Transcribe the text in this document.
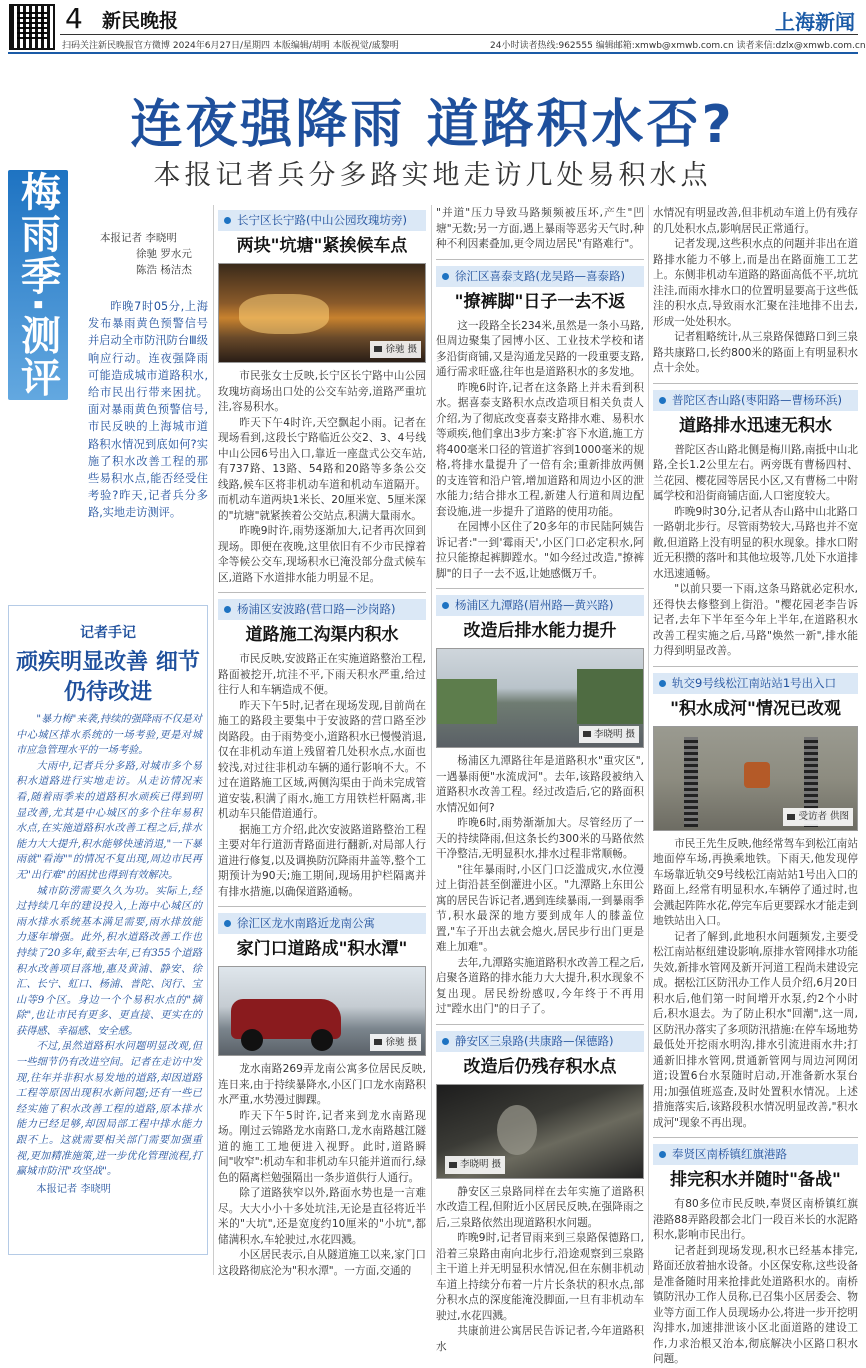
4 新民晚报	上海新闻
扫码关注新民晚报官方微博 2024年6月27日/星期四 本版编辑/胡明 本版视觉/戚黎明	24小时读者热线:962555 编辑邮箱:xmwb@xmwb.com.cn 读者来信:dzlx@xmwb.com.cn
连夜强降雨 道路积水否?
本报记者兵分多路实地走访几处易积水点
梅雨季·测评	本报记者 李晓明
徐驰 罗水元
陈浩 杨洁杰
昨晚7时05分,上海发布暴雨黄色预警信号并启动全市防汛防台Ⅲ级响应行动。连夜强降雨可能造成城市道路积水,给市民出行带来困扰。面对暴雨黄色预警信号,市民反映的上海城市道路积水情况到底如何?实施了积水改善工程的那些易积水点,能否经受住考验?昨天,记者兵分多路,实地走访测评。
记者手记
顽疾明显改善 细节仍待改进

"暴力梅"来袭,持续的强降雨不仅是对中心城区排水系统的一场考验,更是对城市应急管理水平的一场考验。

大雨中,记者兵分多路,对城市多个易积水道路进行实地走访。从走访情况来看,随着雨季来的道路积水顽疾已得到明显改善,尤其是中心城区的多个往年易积水点,在实施道路积水改善工程之后,排水能力大大提升,积水能够快速消退,"一下暴雨就"看海""的情况不复出现,周边市民再无"出行难"的困扰也得到有效解决。

城市防涝需要久久为功。实际上,经过持续几年的建设投入,上海中心城区的雨水排水系统基本满足需要,雨水排放能力逐年增强。此外,积水道路改善工作也持续了20多年,截至去年,已有355个道路积水改善项目落地,惠及黄浦、静安、徐汇、长宁、虹口、杨浦、普陀、闵行、宝山等9个区。身边一个个易积水点的"摘除",也让市民有更多、更直接、更实在的获得感、幸福感、安全感。

不过,虽然道路积水问题明显改观,但一些细节仍有改进空间。记者在走访中发现,往年并非积水易发地的道路,却因道路工程等原因出现积水新问题;还有一些已经实施了积水改善工程的道路,原本排水能力已经足够,却因局部工程中排水能力跟不上。这就需要相关部门需要加强重视,更加精准施策,进一步优化管理流程,打赢城市防汛"攻坚战"。

本报记者 李晓明
长宁区长宁路(中山公园玫瑰坊旁)
两块"坑塘"紧挨候车点
徐驰 摄

市民张女士反映,长宁区长宁路中山公园玫瑰坊商场出口处的公交车站旁,道路严重坑洼,容易积水。

昨天下午4时许,天空飘起小雨。记者在现场看到,这段长宁路临近公交2、3、4号线中山公园6号出入口,靠近一座盘式公交车站,有737路、13路、54路和20路等多条公交线路,候车区将非机动车道和机动车道隔开。而机动车道两块1米长、20厘米宽、5厘米深的"坑塘"就紧挨着公交站点,积满大量雨水。

昨晚9时许,雨势逐渐加大,记者再次回到现场。即便在夜晚,这里依旧有不少市民撑着伞等候公交车,现场积水已淹没部分盘式候车区,道路下水道排水能力明显不足。

杨浦区安波路(营口路—沙岗路)
道路施工沟渠内积水

市民反映,安波路正在实施道路整治工程,路面被挖开,坑洼不平,下雨天积水严重,给过往行人和车辆造成不便。

昨天下午5时,记者在现场发现,目前尚在施工的路段主要集中于安波路的营口路至沙岗路段。由于雨势变小,道路积水已慢慢消退,仅在非机动车道上残留着几处积水点,水面也较浅,对过往非机动车辆的通行影响不大。不过在道路施工区域,两侧沟渠由于尚未完成管道安装,积满了雨水,施工方用铁栏杆隔离,非机动车只能借道通行。

据施工方介绍,此次安波路道路整治工程主要对年行道沥青路面进行翻新,对局部人行道进行修复,以及调换防沉降雨井盖等,整个工期预计为90天;施工期间,现场用护栏隔离并有排水措施,以确保道路通畅。

徐汇区龙水南路近龙南公寓
家门口道路成"积水潭"
徐驰 摄

龙水南路269弄龙南公寓多位居民反映,连日来,由于持续暴降水,小区门口龙水南路积水严重,水势漫过脚踝。

昨天下午5时许,记者来到龙水南路现场。刚过云锦路龙水南路口,龙水南路越江隧道的施工工地便进入视野。此时,道路瞬间"收窄":机动车和非机动车只能并道而行,绿色的隔离栏勉强隔出一条步道供行人通行。

除了道路狭窄以外,路面水势也是一言难尽。大大小小十多处坑洼,无论是直径将近半米的"大坑",还是宽度约10厘米的"小坑",都储满积水,车轮驶过,水花四溅。

小区居民表示,自从隧道施工以来,家门口这段路彻底沦为"积水潭"。一方面,交通的

"并道"压力导致马路频频被压坏,产生"凹塘"无数;另一方面,遇上暴雨等恶劣天气时,种种不利因素叠加,更令周边居民"有路难行"。

徐汇区喜泰支路(龙吴路—喜泰路)
"撩裤脚"日子一去不返

这一段路全长234米,虽然是一条小马路,但周边聚集了园博小区、工业技术学校和诸多沿街商铺,又是沟通龙吴路的一段重要支路,通行需求旺盛,往年也是道路积水的多发地。

昨晚6时许,记者在这条路上并未看到积水。据喜泰支路积水点改造项目相关负责人介绍,为了彻底改变喜泰支路排水难、易积水等顽疾,他们拿出3步方案:扩容下水道,施工方将400毫米口径的管道扩容到1000毫米的规格,将排水量提升了一倍有余;重新排放两侧的支连管和沿户管,增加道路和周边小区的泄水能力;结合排水工程,新建人行道和周边配套设施,进一步提升了道路的使用功能。

在园博小区住了20多年的市民陆阿姨告诉记者:"一到'霉雨天',小区门口必定积水,阿拉只能撩起裤脚蹚水。"如今经过改造,"撩裤脚"的日子一去不返,让她感慨万千。

杨浦区九潭路(眉州路—黄兴路)
改造后排水能力提升
李晓明 摄

杨浦区九潭路往年是道路积水"重灾区",一遇暴雨便"水流成河"。去年,该路段被纳入道路积水改善工程。经过改造后,它的路面积水情况如何?

昨晚6时,雨势渐渐加大。尽管经历了一天的持续降雨,但这条长约300米的马路依然干净整洁,无明显积水,排水过程非常顺畅。

"往年暴雨时,小区门口泛滥成灾,水位漫过上街沿甚至倒灌进小区。"九潭路上东田公寓的居民告诉记者,遇到连续暴雨,一到暴雨季节,积水最深的地方要到成年人的膝盖位置,"车子开出去就会熄火,居民步行出门更是难上加难"。

去年,九潭路实施道路积水改善工程之后,启聚各道路的排水能力大大提升,积水现象不复出现。居民纷纷感叹,今年终于不再用过"蹚水出门"的日子了。

静安区三泉路(共康路—保德路)
改造后仍残存积水点
李晓明 摄

静安区三泉路同样在去年实施了道路积水改造工程,但附近小区居民反映,在强降雨之后,三泉路依然出现道路积水问题。

昨晚9时,记者冒雨来到三泉路保德路口,沿着三泉路由南向北步行,沿途观察到三泉路主干道上并无明显积水情况,但在东侧非机动车道上持续分布着一片片长条状的积水点,部分积水点的深度能淹没脚面,一旦有非机动车驶过,水花四溅。

共康前进公寓居民告诉记者,今年道路积水

水情况有明显改善,但非机动车道上仍有残存的几处积水点,影响居民正常通行。

记者发现,这些积水点的问题并非出在道路排水能力不够上,而是出在路面施工工艺上。东侧非机动车道路的路面高低不平,坑坑洼洼,而雨水排水口的位置明显要高于这些低洼的积水点,导致雨水汇聚在洼地排不出去,形成一处处积水。

记者粗略统计,从三泉路保德路口到三泉路共康路口,长约800米的路面上有明显积水点十余处。

普陀区杏山路(枣阳路—曹杨环浜)
道路排水迅速无积水

普陀区杏山路北侧是梅川路,南抵中山北路,全长1.2公里左右。两旁既有曹杨四村、兰花园、樱花园等居民小区,又有曹杨二中附属学校和沿街商铺店面,人口密度较大。

昨晚9时30分,记者从杏山路中山北路口一路朝北步行。尽管雨势较大,马路也并不宽敞,但道路上没有明显的积水现象。排水口附近无积攒的落叶和其他垃圾等,几处下水道排水迅速通畅。

"以前只要一下雨,这条马路就必定积水,还得快去修整到上街沿。"樱花园老李告诉记者,去年下半年至今年上半年,在道路积水改善工程实施之后,马路"焕然一新",排水能力得到明显改善。

轨交9号线松江南站站1号出入口
"积水成河"情况已改观
受访者 供图

市民王先生反映,他经常驾车到松江南站地面停车场,再换乘地铁。下雨天,他发现停车场靠近轨交9号线松江南站站1号出入口的路面上,经常有明显积水,车辆停了通过时,也会溅起阵阵水花,停完车后更要踩水才能走到地铁站出入口。

记者了解到,此地积水问题频发,主要受松江南站枢纽建设影响,原排水管网排水功能失效,新排水管网及新开河道工程尚未建设完成。据松江区防汛办工作人员介绍,6月20日积水后,他们第一时间增开水泵,约2个小时后,积水退去。为了防止积水"回潮",这一周,区防汛办落实了多项防汛措施:在停车场地势最低处开挖雨水明沟,排水引流进雨水井;打通新旧排水管网,贯通新管网与周边河网闭道;设置6台水泵随时启动,开准备新水泵台用;加强值班巡查,及时处置积水情况。上述措施落实后,该路段积水情况明显改善,"积水成河"现象不再出现。

奉贤区南桥镇红旗港路
排完积水并随时"备战"

有80多位市民反映,奉贤区南桥镇红旗港路88弄路段都会北门一段百米长的水泥路积水,影响市民出行。

记者赶到现场发现,积水已经基本排完,路面还放着抽水设备。小区保安称,这些设备是准备随时用来抢排此处道路积水的。南桥镇防汛办工作人员称,已召集小区居委会、物业等方面工作人员现场办公,将进一步开挖明沟排水,加速排泄该小区北面道路的建设工作,力求治根又治本,彻底解决小区路口积水问题。
